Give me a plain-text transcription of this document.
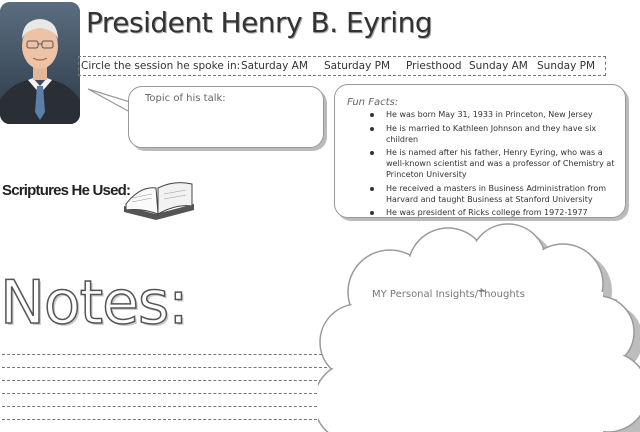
President Henry B. Eyring
Circle the session he spoke in: Saturday AM Saturday PM Priesthood Sunday AM Sunday PM
Topic of his talk:	Fun Facts:
He was born May 31, 1933 in Princeton, New Jersey
He is married to Kathleen Johnson and they have six children
He is named after his father, Henry Eyring, who was a well-known scientist and was a professor of Chemistry at Princeton University
He received a masters in Business Administration from Harvard and taught Business at Stanford University
He was president of Ricks college from 1972-1977
Scriptures He Used:
Notes:	MY Personal Insights/Thoughts
